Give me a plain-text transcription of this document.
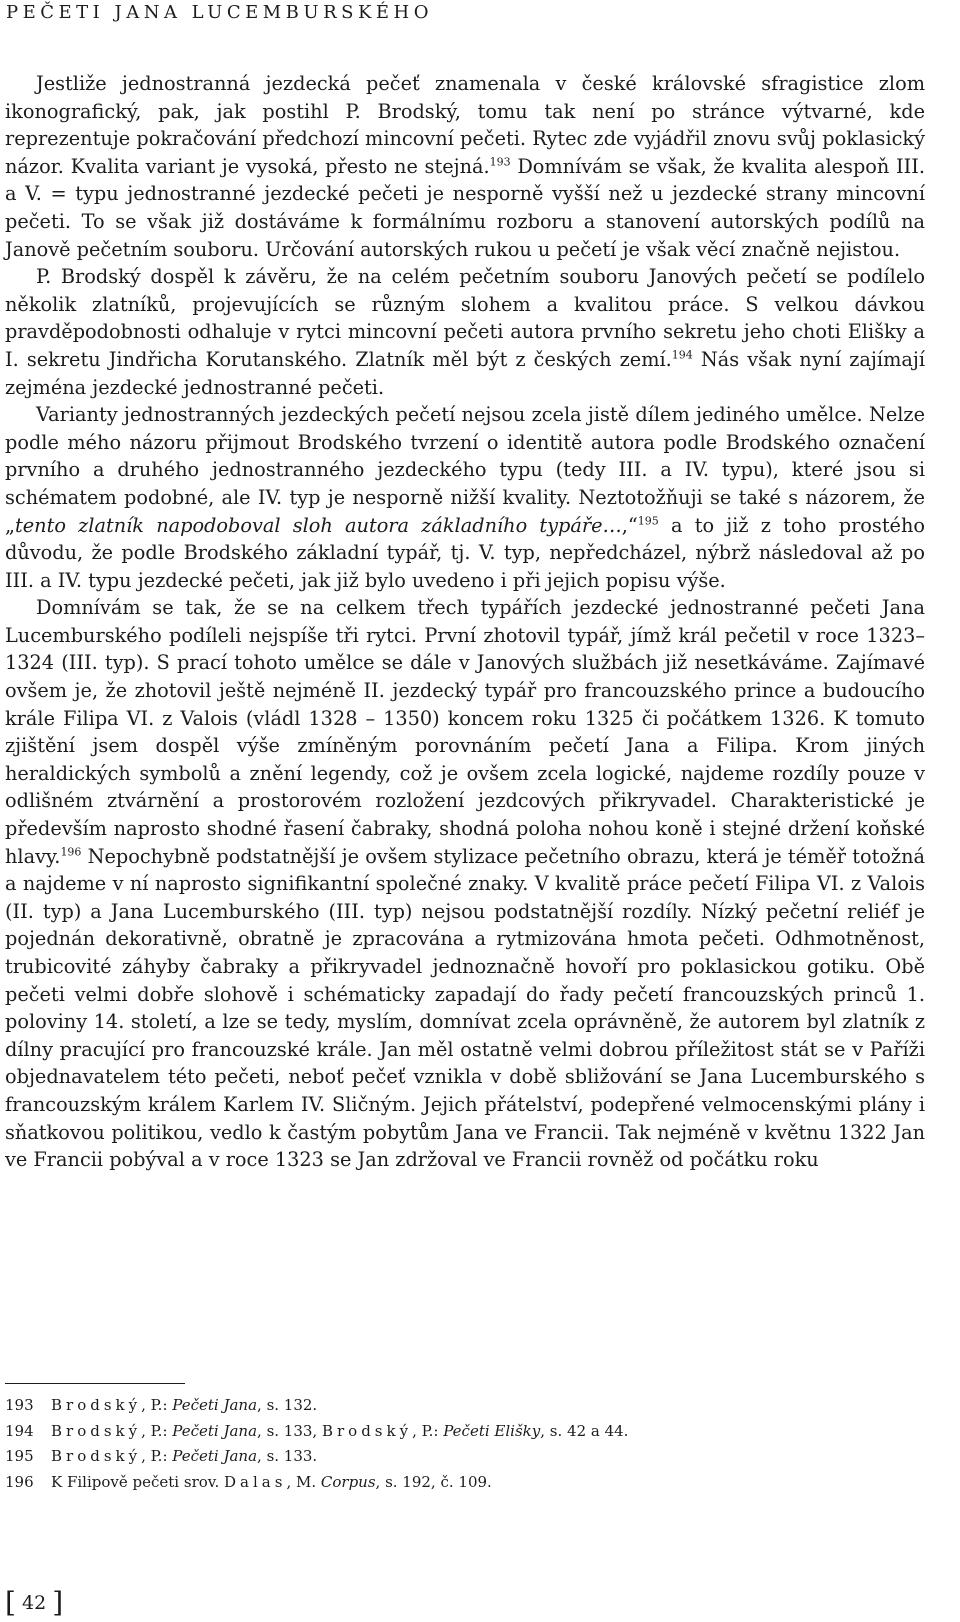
PEČETI JANA LUCEMBURSKÉHO

Jestliže jednostranná jezdecká pečeť znamenala v české královské sfragistice zlom ikonografický, pak, jak postihl P. Brodský, tomu tak není po stránce výtvarné, kde reprezentuje pokračování předchozí mincovní pečeti. Rytec zde vyjádřil znovu svůj poklasický názor. Kvalita variant je vysoká, přesto ne stejná.$^{193}$ Domnívám se však, že kvalita alespoň III. a V. = typu jednostranné jezdecké pečeti je nesporně vyšší než u jezdecké strany mincovní pečeti. To se však již dostáváme k formálnímu rozboru a stanovení autorských podílů na Janově pečetním souboru. Určování autorských rukou u pečetí je však věcí značně nejistou.

P. Brodský dospěl k závěru, že na celém pečetním souboru Janových pečetí se podílelo několik zlatníků, projevujících se různým slohem a kvalitou práce. S velkou dávkou pravděpodobnosti odhaluje v rytci mincovní pečeti autora prvního sekretu jeho choti Elišky a I. sekretu Jindřicha Korutanského. Zlatník měl být z českých zemí.$^{194}$ Nás však nyní zajímají zejména jezdecké jednostranné pečeti.

Varianty jednostranných jezdeckých pečetí nejsou zcela jistě dílem jediného umělce. Nelze podle mého názoru přijmout Brodského tvrzení o identitě autora podle Brodského označení prvního a druhého jednostranného jezdeckého typu (tedy III. a IV. typu), které jsou si schématem podobné, ale IV. typ je nesporně nižší kvality. Neztotožňuji se také s názorem, že „tento zlatník napodoboval sloh autora základního typáře…,“$^{195}$ a to již z toho prostého důvodu, že podle Brodského základní typář, tj. V. typ, nepředcházel, nýbrž následoval až po III. a IV. typu jezdecké pečeti, jak již bylo uvedeno i při jejich popisu výše.

Domnívám se tak, že se na celkem třech typářích jezdecké jednostranné pečeti Jana Lucemburského podíleli nejspíše tři rytci. První zhotovil typář, jímž král pečetil v roce 1323–1324 (III. typ). S prací tohoto umělce se dále v Janových službách již nesetkáváme. Zajímavé ovšem je, že zhotovil ještě nejméně II. jezdecký typář pro francouzského prince a budoucího krále Filipa VI. z Valois (vládl 1328 – 1350) koncem roku 1325 či počátkem 1326. K tomuto zjištění jsem dospěl výše zmíněným porovnáním pečetí Jana a Filipa. Krom jiných heraldických symbolů a znění legendy, což je ovšem zcela logické, najdeme rozdíly pouze v odlišném ztvárnění a prostorovém rozložení jezdcových přikryvadel. Charakteristické je především naprosto shodné řasení čabraky, shodná poloha nohou koně i stejné držení koňské hlavy.$^{196}$ Nepochybně podstatnější je ovšem stylizace pečetního obrazu, která je téměř totožná a najdeme v ní naprosto signifikantní společné znaky. V kvalitě práce pečetí Filipa VI. z Valois (II. typ) a Jana Lucemburského (III. typ) nejsou podstatnější rozdíly. Nízký pečetní reliéf je pojednán dekorativně, obratně je zpracována a rytmizována hmota pečeti. Odhmotněnost, trubicovité záhyby čabraky a přikryvadel jednoznačně hovoří pro poklasickou gotiku. Obě pečeti velmi dobře slohově i schématicky zapadají do řady pečetí francouzských princů 1. poloviny 14. století, a lze se tedy, myslím, domnívat zcela oprávněně, že autorem byl zlatník z dílny pracující pro francouzské krále. Jan měl ostatně velmi dobrou příležitost stát se v Paříži objednavatelem této pečeti, neboť pečeť vznikla v době sbližování se Jana Lucemburského s francouzským králem Karlem IV. Sličným. Jejich přátelství, podepřené velmocenskými plány i sňatkovou politikou, vedlo k častým pobytům Jana ve Francii. Tak nejméně v květnu 1322 Jan ve Francii pobýval a v roce 1323 se Jan zdržoval ve Francii rovněž od počátku roku

193 Brodský, P.: Pečeti Jana, s. 132.
194 Brodský, P.: Pečeti Jana, s. 133, Brodský, P.: Pečeti Elišky, s. 42 a 44.
195 Brodský, P.: Pečeti Jana, s. 133.
196 K Filipově pečeti srov. Dalas, M. Corpus, s. 192, č. 109.
[ 42 ]
